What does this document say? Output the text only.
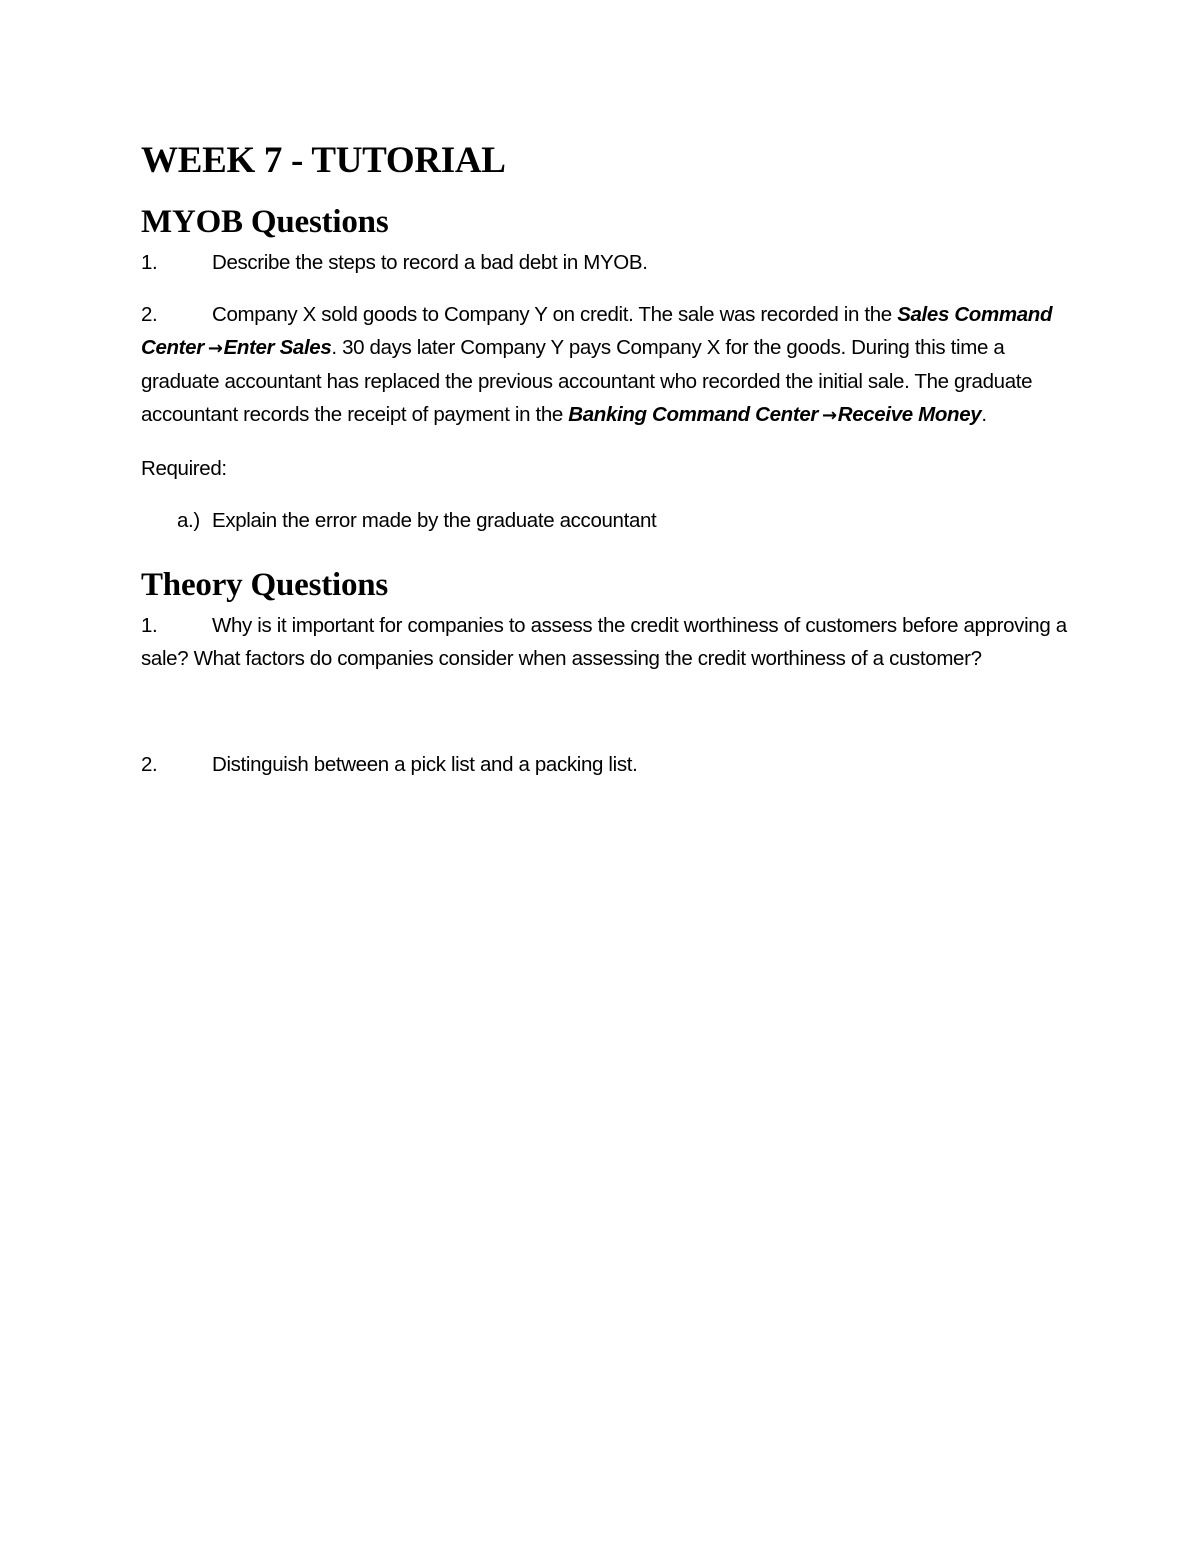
WEEK 7 - TUTORIAL
MYOB Questions

1.	Describe the steps to record a bad debt in MYOB.

2.	Company X sold goods to Company Y on credit. The sale was recorded in the Sales Command Center →Enter Sales. 30 days later Company Y pays Company X for the goods. During this time a graduate accountant has replaced the previous accountant who recorded the initial sale. The graduate accountant records the receipt of payment in the Banking Command Center →Receive Money.

Required:

a.) Explain the error made by the graduate accountant

Theory Questions

1.	Why is it important for companies to assess the credit worthiness of customers before approving a sale? What factors do companies consider when assessing the credit worthiness of a customer?

2.	Distinguish between a pick list and a packing list.
